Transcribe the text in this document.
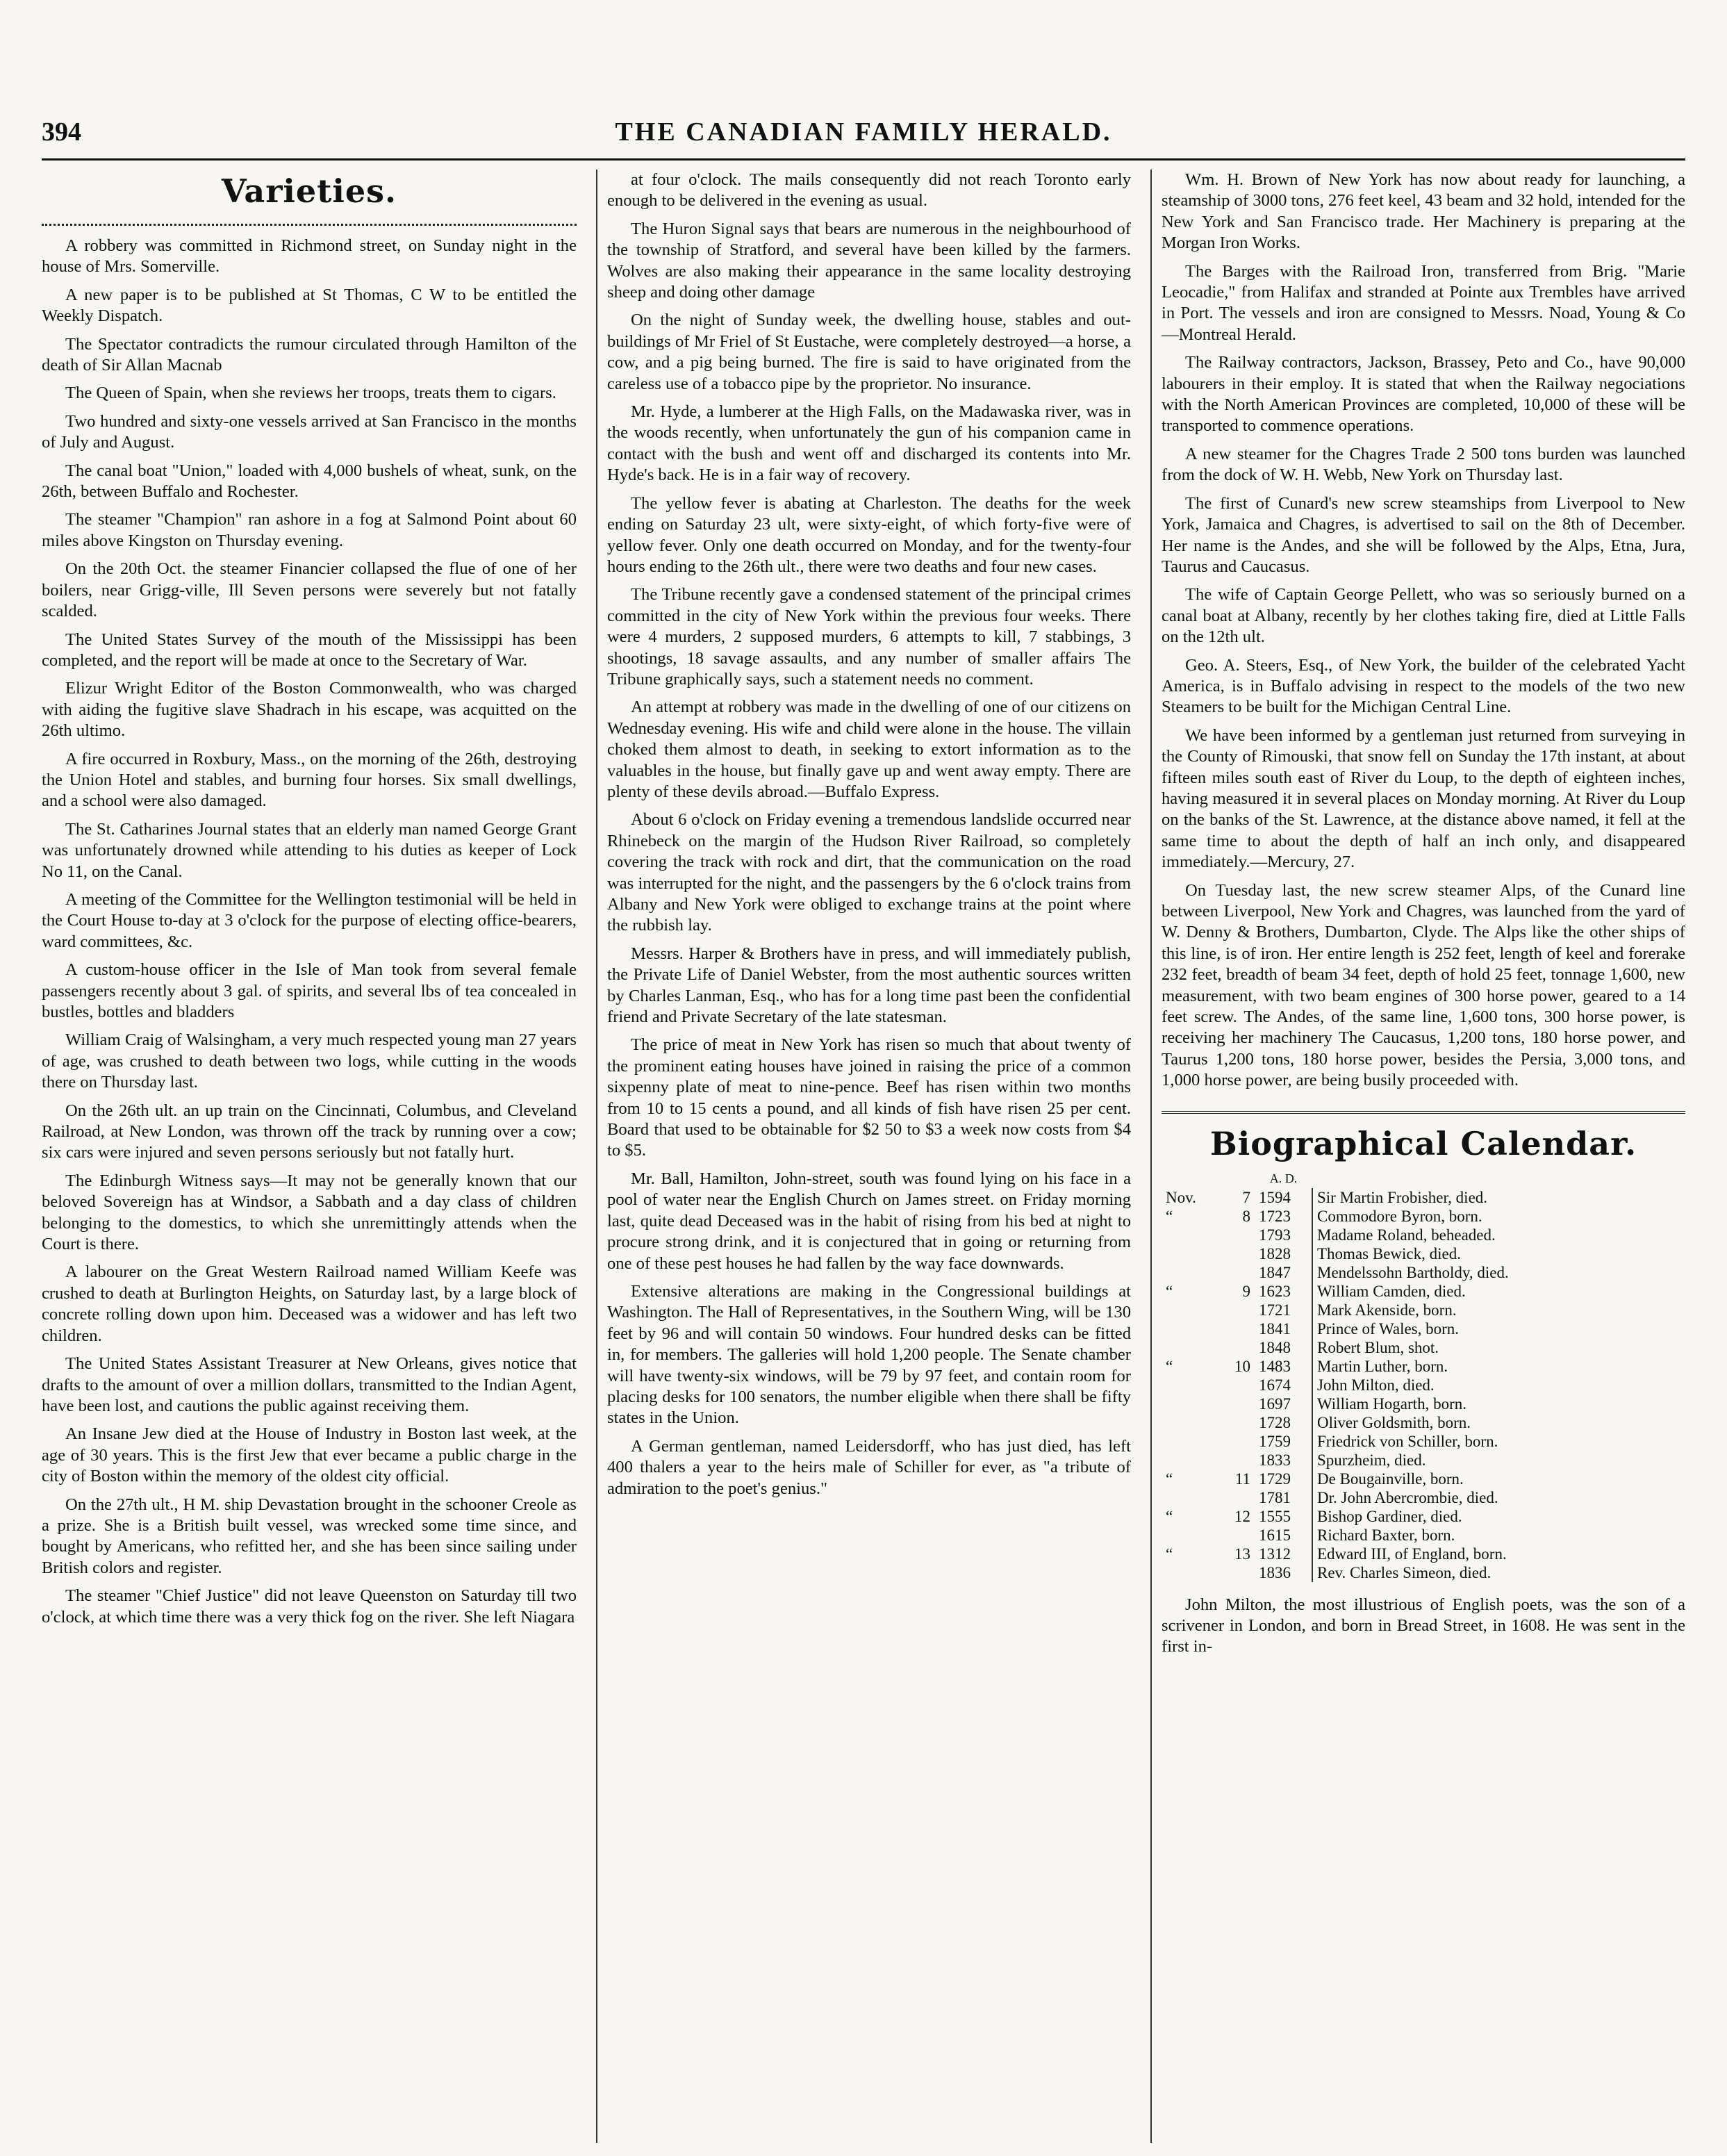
394	THE CANADIAN FAMILY HERALD.
Varieties.

A robbery was committed in Richmond street, on Sunday night in the house of Mrs. Somerville.

A new paper is to be published at St Thomas, C W to be entitled the Weekly Dispatch.

The Spectator contradicts the rumour circulated through Hamilton of the death of Sir Allan Macnab

The Queen of Spain, when she reviews her troops, treats them to cigars.

Two hundred and sixty-one vessels arrived at San Francisco in the months of July and August.

The canal boat "Union," loaded with 4,000 bushels of wheat, sunk, on the 26th, between Buffalo and Rochester.

The steamer "Champion" ran ashore in a fog at Salmond Point about 60 miles above Kingston on Thursday evening.

On the 20th Oct. the steamer Financier collapsed the flue of one of her boilers, near Grigg-ville, Ill Seven persons were severely but not fatally scalded.

The United States Survey of the mouth of the Mississippi has been completed, and the report will be made at once to the Secretary of War.

Elizur Wright Editor of the Boston Commonwealth, who was charged with aiding the fugitive slave Shadrach in his escape, was acquitted on the 26th ultimo.

A fire occurred in Roxbury, Mass., on the morning of the 26th, destroying the Union Hotel and stables, and burning four horses. Six small dwellings, and a school were also damaged.

The St. Catharines Journal states that an elderly man named George Grant was unfortunately drowned while attending to his duties as keeper of Lock No 11, on the Canal.

A meeting of the Committee for the Wellington testimonial will be held in the Court House to-day at 3 o'clock for the purpose of electing office-bearers, ward committees, &c.

A custom-house officer in the Isle of Man took from several female passengers recently about 3 gal. of spirits, and several lbs of tea concealed in bustles, bottles and bladders

William Craig of Walsingham, a very much respected young man 27 years of age, was crushed to death between two logs, while cutting in the woods there on Thursday last.

On the 26th ult. an up train on the Cincinnati, Columbus, and Cleveland Railroad, at New London, was thrown off the track by running over a cow; six cars were injured and seven persons seriously but not fatally hurt.

The Edinburgh Witness says—It may not be generally known that our beloved Sovereign has at Windsor, a Sabbath and a day class of children belonging to the domestics, to which she unremittingly attends when the Court is there.

A labourer on the Great Western Railroad named William Keefe was crushed to death at Burlington Heights, on Saturday last, by a large block of concrete rolling down upon him. Deceased was a widower and has left two children.

The United States Assistant Treasurer at New Orleans, gives notice that drafts to the amount of over a million dollars, transmitted to the Indian Agent, have been lost, and cautions the public against receiving them.

An Insane Jew died at the House of Industry in Boston last week, at the age of 30 years. This is the first Jew that ever became a public charge in the city of Boston within the memory of the oldest city official.

On the 27th ult., H M. ship Devastation brought in the schooner Creole as a prize. She is a British built vessel, was wrecked some time since, and bought by Americans, who refitted her, and she has been since sailing under British colors and register.

The steamer "Chief Justice" did not leave Queenston on Saturday till two o'clock, at which time there was a very thick fog on the river. She left Niagara

at four o'clock. The mails consequently did not reach Toronto early enough to be delivered in the evening as usual.

The Huron Signal says that bears are numerous in the neighbourhood of the township of Stratford, and several have been killed by the farmers. Wolves are also making their appearance in the same locality destroying sheep and doing other damage

On the night of Sunday week, the dwelling house, stables and out-buildings of Mr Friel of St Eustache, were completely destroyed—a horse, a cow, and a pig being burned. The fire is said to have originated from the careless use of a tobacco pipe by the proprietor. No insurance.

Mr. Hyde, a lumberer at the High Falls, on the Madawaska river, was in the woods recently, when unfortunately the gun of his companion came in contact with the bush and went off and discharged its contents into Mr. Hyde's back. He is in a fair way of recovery.

The yellow fever is abating at Charleston. The deaths for the week ending on Saturday 23 ult, were sixty-eight, of which forty-five were of yellow fever. Only one death occurred on Monday, and for the twenty-four hours ending to the 26th ult., there were two deaths and four new cases.

The Tribune recently gave a condensed statement of the principal crimes committed in the city of New York within the previous four weeks. There were 4 murders, 2 supposed murders, 6 attempts to kill, 7 stabbings, 3 shootings, 18 savage assaults, and any number of smaller affairs The Tribune graphically says, such a statement needs no comment.

An attempt at robbery was made in the dwelling of one of our citizens on Wednesday evening. His wife and child were alone in the house. The villain choked them almost to death, in seeking to extort information as to the valuables in the house, but finally gave up and went away empty. There are plenty of these devils abroad.—Buffalo Express.

About 6 o'clock on Friday evening a tremendous landslide occurred near Rhinebeck on the margin of the Hudson River Railroad, so completely covering the track with rock and dirt, that the communication on the road was interrupted for the night, and the passengers by the 6 o'clock trains from Albany and New York were obliged to exchange trains at the point where the rubbish lay.

Messrs. Harper & Brothers have in press, and will immediately publish, the Private Life of Daniel Webster, from the most authentic sources written by Charles Lanman, Esq., who has for a long time past been the confidential friend and Private Secretary of the late statesman.

The price of meat in New York has risen so much that about twenty of the prominent eating houses have joined in raising the price of a common sixpenny plate of meat to nine-pence. Beef has risen within two months from 10 to 15 cents a pound, and all kinds of fish have risen 25 per cent. Board that used to be obtainable for $2 50 to $3 a week now costs from $4 to $5.

Mr. Ball, Hamilton, John-street, south was found lying on his face in a pool of water near the English Church on James street. on Friday morning last, quite dead Deceased was in the habit of rising from his bed at night to procure strong drink, and it is conjectured that in going or returning from one of these pest houses he had fallen by the way face downwards.

Extensive alterations are making in the Congressional buildings at Washington. The Hall of Representatives, in the Southern Wing, will be 130 feet by 96 and will contain 50 windows. Four hundred desks can be fitted in, for members. The galleries will hold 1,200 people. The Senate chamber will have twenty-six windows, will be 79 by 97 feet, and contain room for placing desks for 100 senators, the number eligible when there shall be fifty states in the Union.

A German gentleman, named Leidersdorff, who has just died, has left 400 thalers a year to the heirs male of Schiller for ever, as "a tribute of admiration to the poet's genius."

Wm. H. Brown of New York has now about ready for launching, a steamship of 3000 tons, 276 feet keel, 43 beam and 32 hold, intended for the New York and San Francisco trade. Her Machinery is preparing at the Morgan Iron Works.

The Barges with the Railroad Iron, transferred from Brig. "Marie Leocadie," from Halifax and stranded at Pointe aux Trembles have arrived in Port. The vessels and iron are consigned to Messrs. Noad, Young & Co —Montreal Herald.

The Railway contractors, Jackson, Brassey, Peto and Co., have 90,000 labourers in their employ. It is stated that when the Railway negociations with the North American Provinces are completed, 10,000 of these will be transported to commence operations.

A new steamer for the Chagres Trade 2 500 tons burden was launched from the dock of W. H. Webb, New York on Thursday last.

The first of Cunard's new screw steamships from Liverpool to New York, Jamaica and Chagres, is advertised to sail on the 8th of December. Her name is the Andes, and she will be followed by the Alps, Etna, Jura, Taurus and Caucasus.

The wife of Captain George Pellett, who was so seriously burned on a canal boat at Albany, recently by her clothes taking fire, died at Little Falls on the 12th ult.

Geo. A. Steers, Esq., of New York, the builder of the celebrated Yacht America, is in Buffalo advising in respect to the models of the two new Steamers to be built for the Michigan Central Line.

We have been informed by a gentleman just returned from surveying in the County of Rimouski, that snow fell on Sunday the 17th instant, at about fifteen miles south east of River du Loup, to the depth of eighteen inches, having measured it in several places on Monday morning. At River du Loup on the banks of the St. Lawrence, at the distance above named, it fell at the same time to about the depth of half an inch only, and disappeared immediately.—Mercury, 27.

On Tuesday last, the new screw steamer Alps, of the Cunard line between Liverpool, New York and Chagres, was launched from the yard of W. Denny & Brothers, Dumbarton, Clyde. The Alps like the other ships of this line, is of iron. Her entire length is 252 feet, length of keel and forerake 232 feet, breadth of beam 34 feet, depth of hold 25 feet, tonnage 1,600, new measurement, with two beam engines of 300 horse power, geared to a 14 feet screw. The Andes, of the same line, 1,600 tons, 300 horse power, is receiving her machinery The Caucasus, 1,200 tons, 180 horse power, and Taurus 1,200 tons, 180 horse power, besides the Persia, 3,000 tons, and 1,000 horse power, are being busily proceeded with.

Biographical Calendar.
		A. D.	
Nov.	7	1594	Sir Martin Frobisher, died.
“	8	1723	Commodore Byron, born.
		1793	Madame Roland, beheaded.
		1828	Thomas Bewick, died.
		1847	Mendelssohn Bartholdy, died.
“	9	1623	William Camden, died.
		1721	Mark Akenside, born.
		1841	Prince of Wales, born.
		1848	Robert Blum, shot.
“	10	1483	Martin Luther, born.
		1674	John Milton, died.
		1697	William Hogarth, born.
		1728	Oliver Goldsmith, born.
		1759	Friedrick von Schiller, born.
		1833	Spurzheim, died.
“	11	1729	De Bougainville, born.
		1781	Dr. John Abercrombie, died.
“	12	1555	Bishop Gardiner, died.
		1615	Richard Baxter, born.
“	13	1312	Edward III, of England, born.
		1836	Rev. Charles Simeon, died.

John Milton, the most illustrious of English poets, was the son of a scrivener in London, and born in Bread Street, in 1608. He was sent in the first in-
